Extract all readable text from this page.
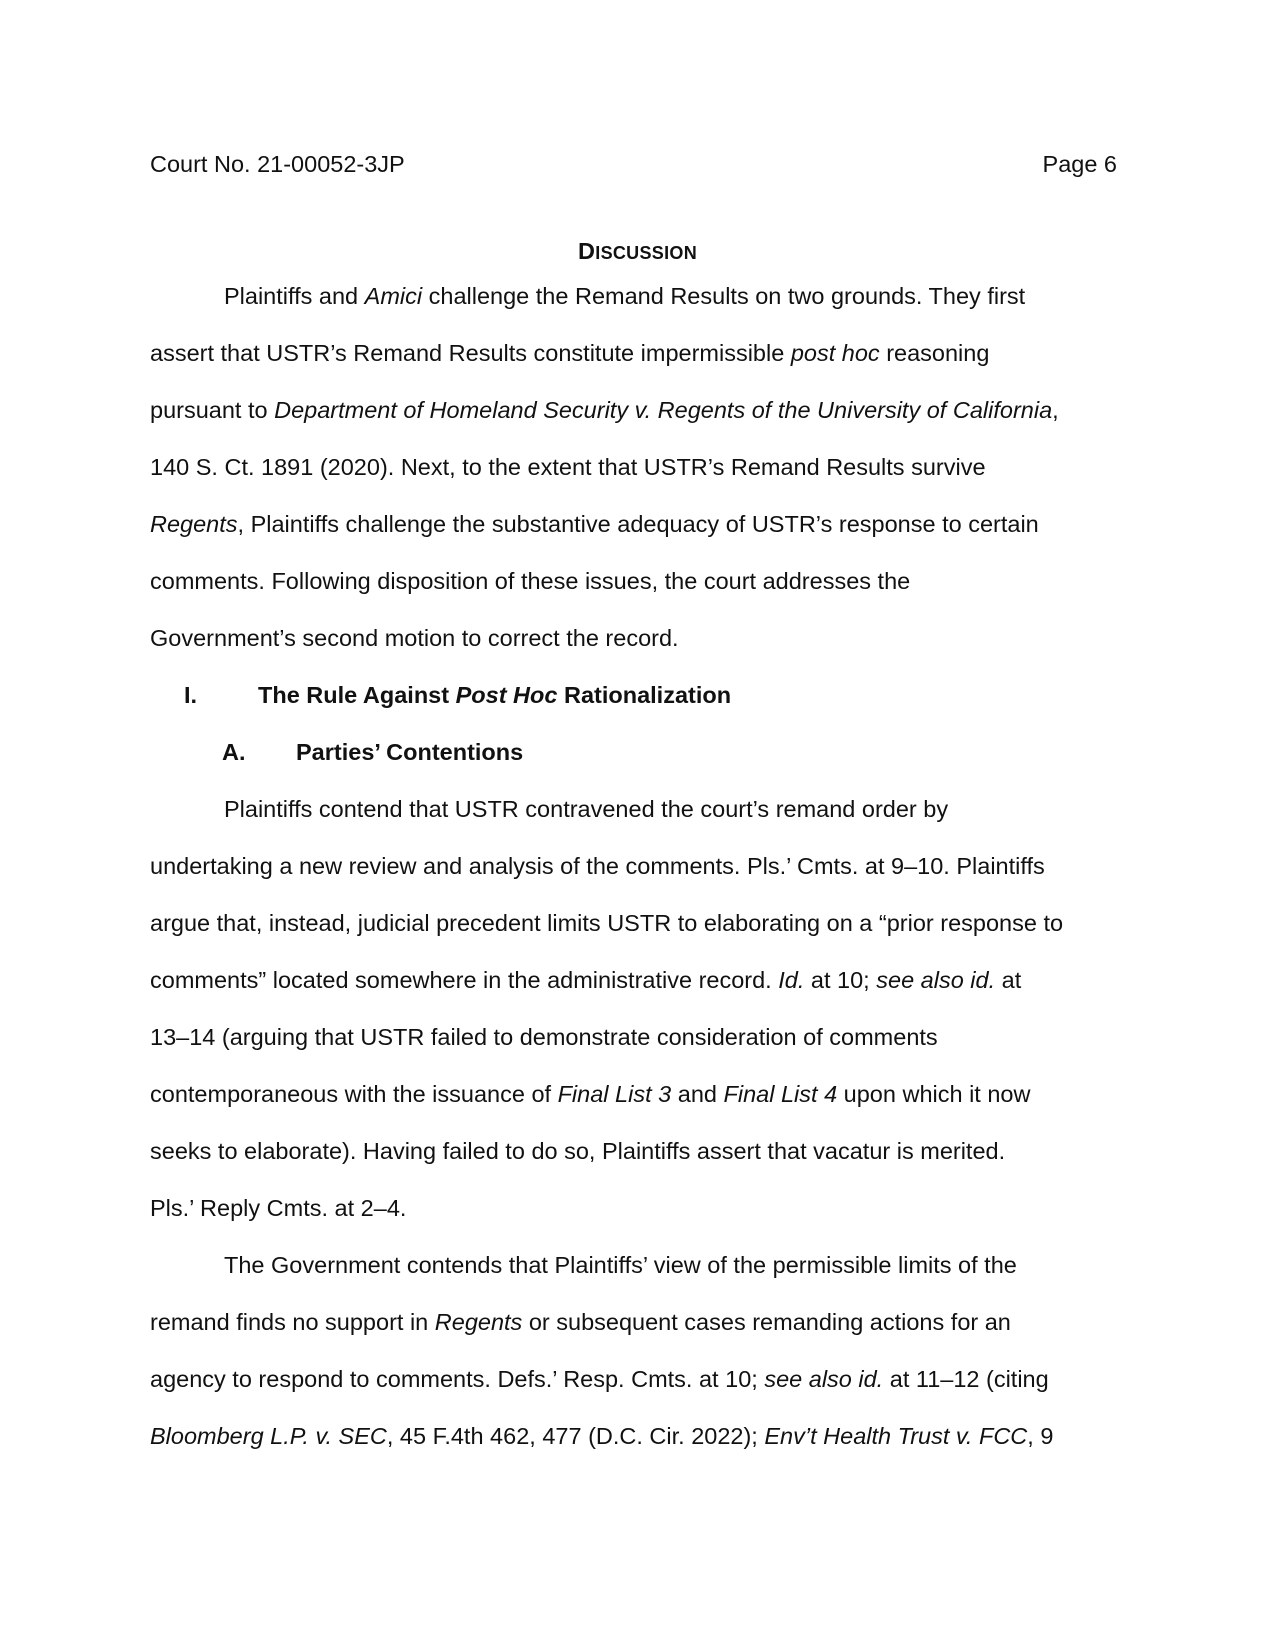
Court No. 21-00052-3JP	Page 6
DISCUSSION
I.	The Rule Against Post Hoc Rationalization
A. Parties’ Contentions
Plaintiffs and Amici challenge the Remand Results on two grounds. They first
assert that USTR’s Remand Results constitute impermissible post hoc reasoning
pursuant to Department of Homeland Security v. Regents of the University of California,
140 S. Ct. 1891 (2020). Next, to the extent that USTR’s Remand Results survive
Regents, Plaintiffs challenge the substantive adequacy of USTR’s response to certain
comments. Following disposition of these issues, the court addresses the
Government’s second motion to correct the record.
Plaintiffs contend that USTR contravened the court’s remand order by
undertaking a new review and analysis of the comments. Pls.’ Cmts. at 9–10. Plaintiffs
argue that, instead, judicial precedent limits USTR to elaborating on a “prior response to
comments” located somewhere in the administrative record. Id. at 10; see also id. at
13–14 (arguing that USTR failed to demonstrate consideration of comments
contemporaneous with the issuance of Final List 3 and Final List 4 upon which it now
seeks to elaborate). Having failed to do so, Plaintiffs assert that vacatur is merited.
Pls.’ Reply Cmts. at 2–4.
The Government contends that Plaintiffs’ view of the permissible limits of the
remand finds no support in Regents or subsequent cases remanding actions for an
agency to respond to comments. Defs.’ Resp. Cmts. at 10; see also id. at 11–12 (citing
Bloomberg L.P. v. SEC, 45 F.4th 462, 477 (D.C. Cir. 2022); Env’t Health Trust v. FCC, 9
